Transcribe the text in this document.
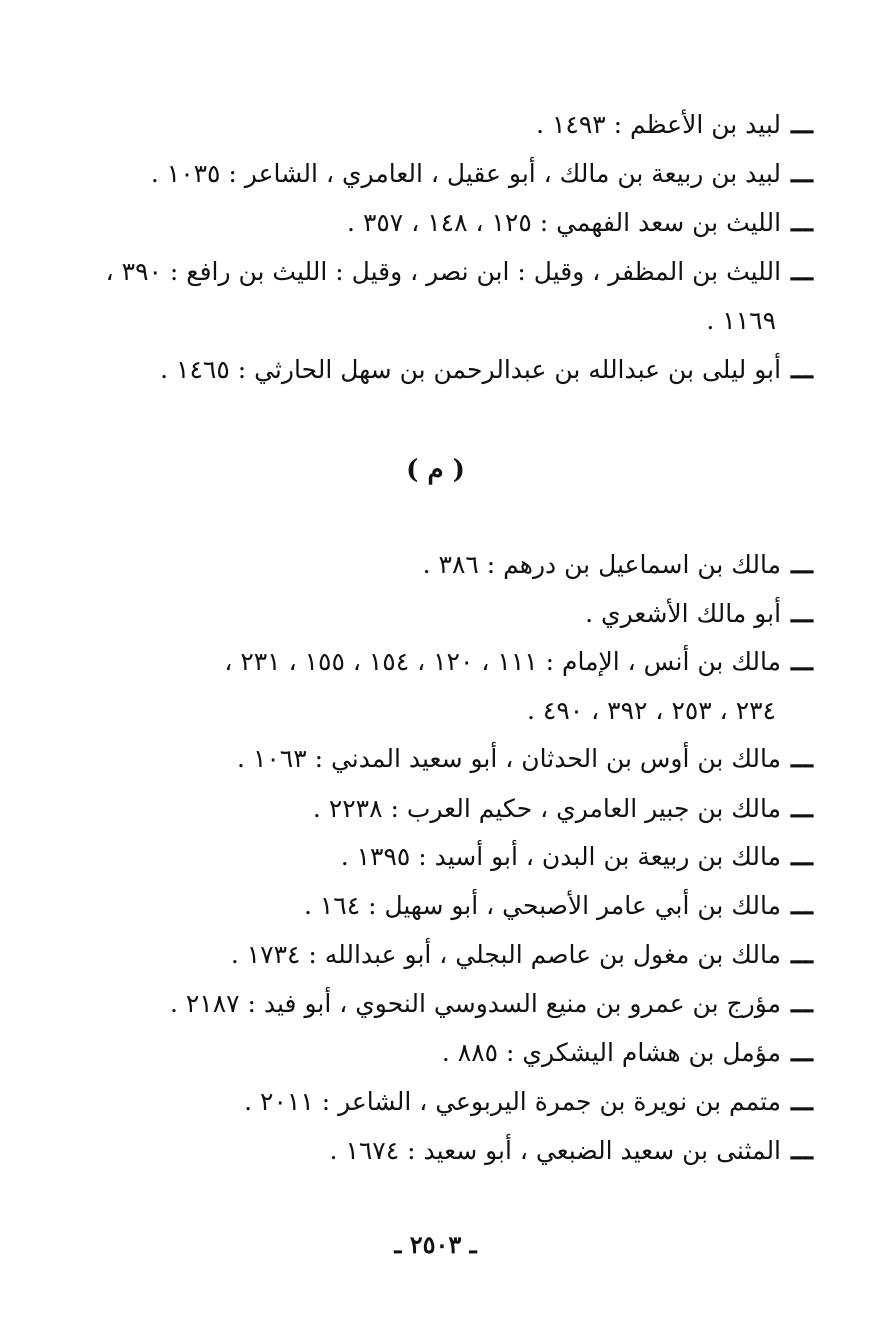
ـــلبيد بن الأعظم : ١٤٩٣ .
ـــلبيد بن ربيعة بن مالك ، أبو عقيل ، العامري ، الشاعر : ١٠٣٥ .
ـــالليث بن سعد الفهمي : ١٢٥ ، ١٤٨ ، ٣٥٧ .
ـــالليث بن المظفر ، وقيل : ابن نصر ، وقيل : الليث بن رافع : ٣٩٠ ،
١١٦٩ .
ـــأبو ليلى بن عبدالله بن عبدالرحمن بن سهل الحارثي : ١٤٦٥ .
( م )
ـــمالك بن اسماعيل بن درهم : ٣٨٦ .
ـــأبو مالك الأشعري .
ـــمالك بن أنس ، الإمام : ١١١ ، ١٢٠ ، ١٥٤ ، ١٥٥ ، ٢٣١ ،
٢٣٤ ، ٢٥٣ ، ٣٩٢ ، ٤٩٠ .
ـــمالك بن أوس بن الحدثان ، أبو سعيد المدني : ١٠٦٣ .
ـــمالك بن جبير العامري ، حكيم العرب : ٢٢٣٨ .
ـــمالك بن ربيعة بن البدن ، أبو أسيد : ١٣٩٥ .
ـــمالك بن أبي عامر الأصبحي ، أبو سهيل : ١٦٤ .
ـــمالك بن مغول بن عاصم البجلي ، أبو عبدالله : ١٧٣٤ .
ـــمؤرج بن عمرو بن منيع السدوسي النحوي ، أبو فيد : ٢١٨٧ .
ـــمؤمل بن هشام اليشكري : ٨٨٥ .
ـــمتمم بن نويرة بن جمرة اليربوعي ، الشاعر : ٢٠١١ .
ـــالمثنى بن سعيد الضبعي ، أبو سعيد : ١٦٧٤ .
ـ ٢٥٠٣ ـ
